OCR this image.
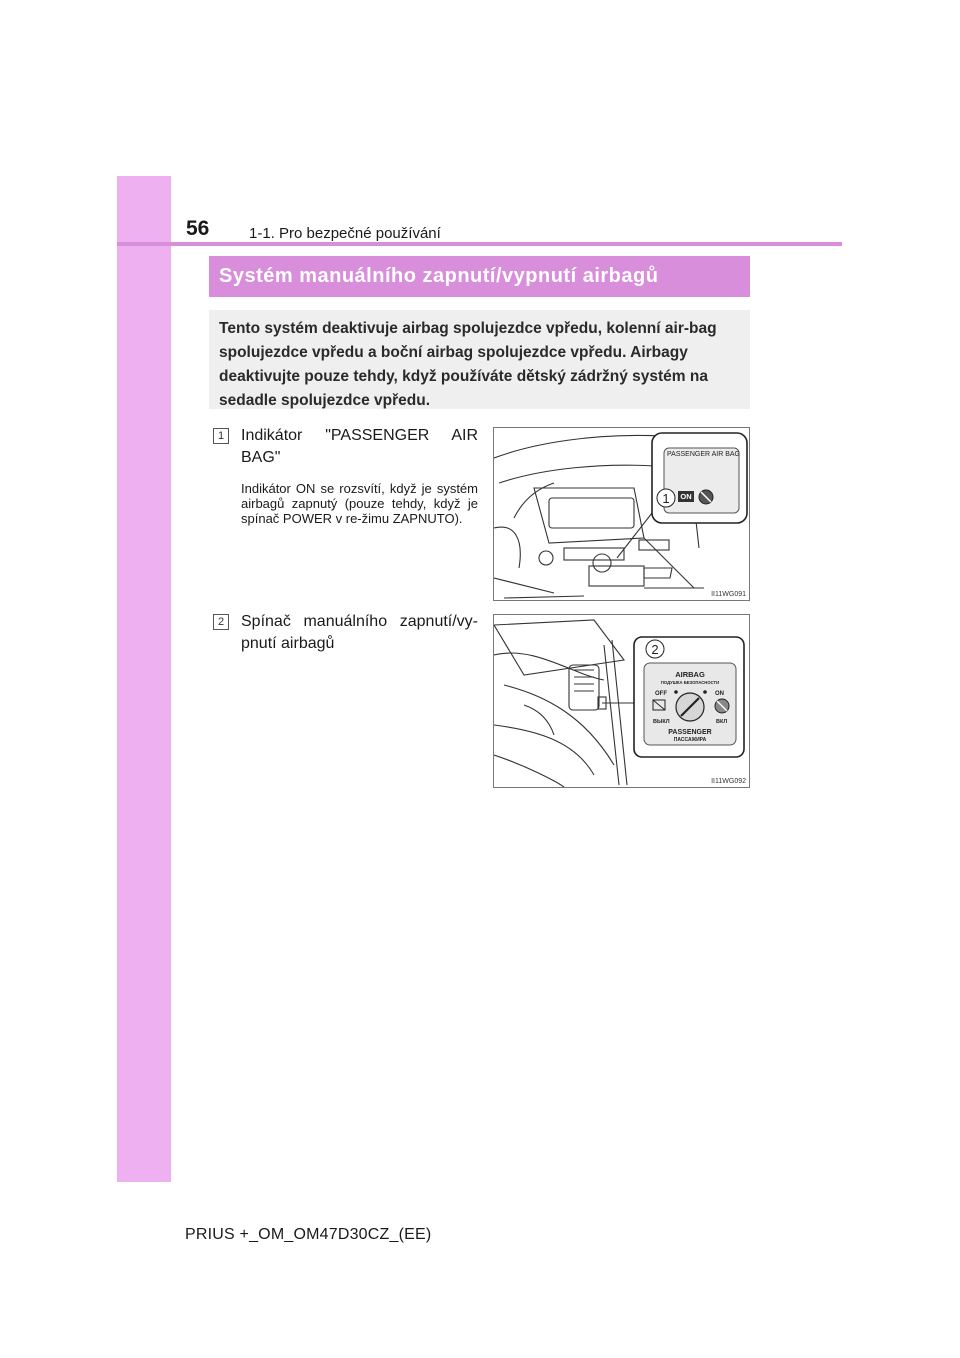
56	1-1. Pro bezpečné používání
Systém manuálního zapnutí/vypnutí airbagů
Tento systém deaktivuje airbag spolujezdce vpředu, kolenní air-bag spolujezdce vpředu a boční airbag spolujezdce vpředu. Airbagy deaktivujte pouze tehdy, když používáte dětský zádržný systém na sedadle spolujezdce vpředu.
1	Indikátor "PASSENGER AIR BAG"
Indikátor ON se rozsvítí, když je systém airbagů zapnutý (pouze tehdy, když je spínač POWER v re-žimu ZAPNUTO).
2	Spínač manuálního zapnutí/vy-pnutí airbagů
PASSENGER AIR BAG
1 ON
II11WG091
2
AIRBAG
ПОДУШКА БЕЗОПАСНОСТИ
OFF	ON
ВЫКЛ	ВКЛ
PASSENGER
ПАССАЖИРА
II11WG092
PRIUS +_OM_OM47D30CZ_(EE)
